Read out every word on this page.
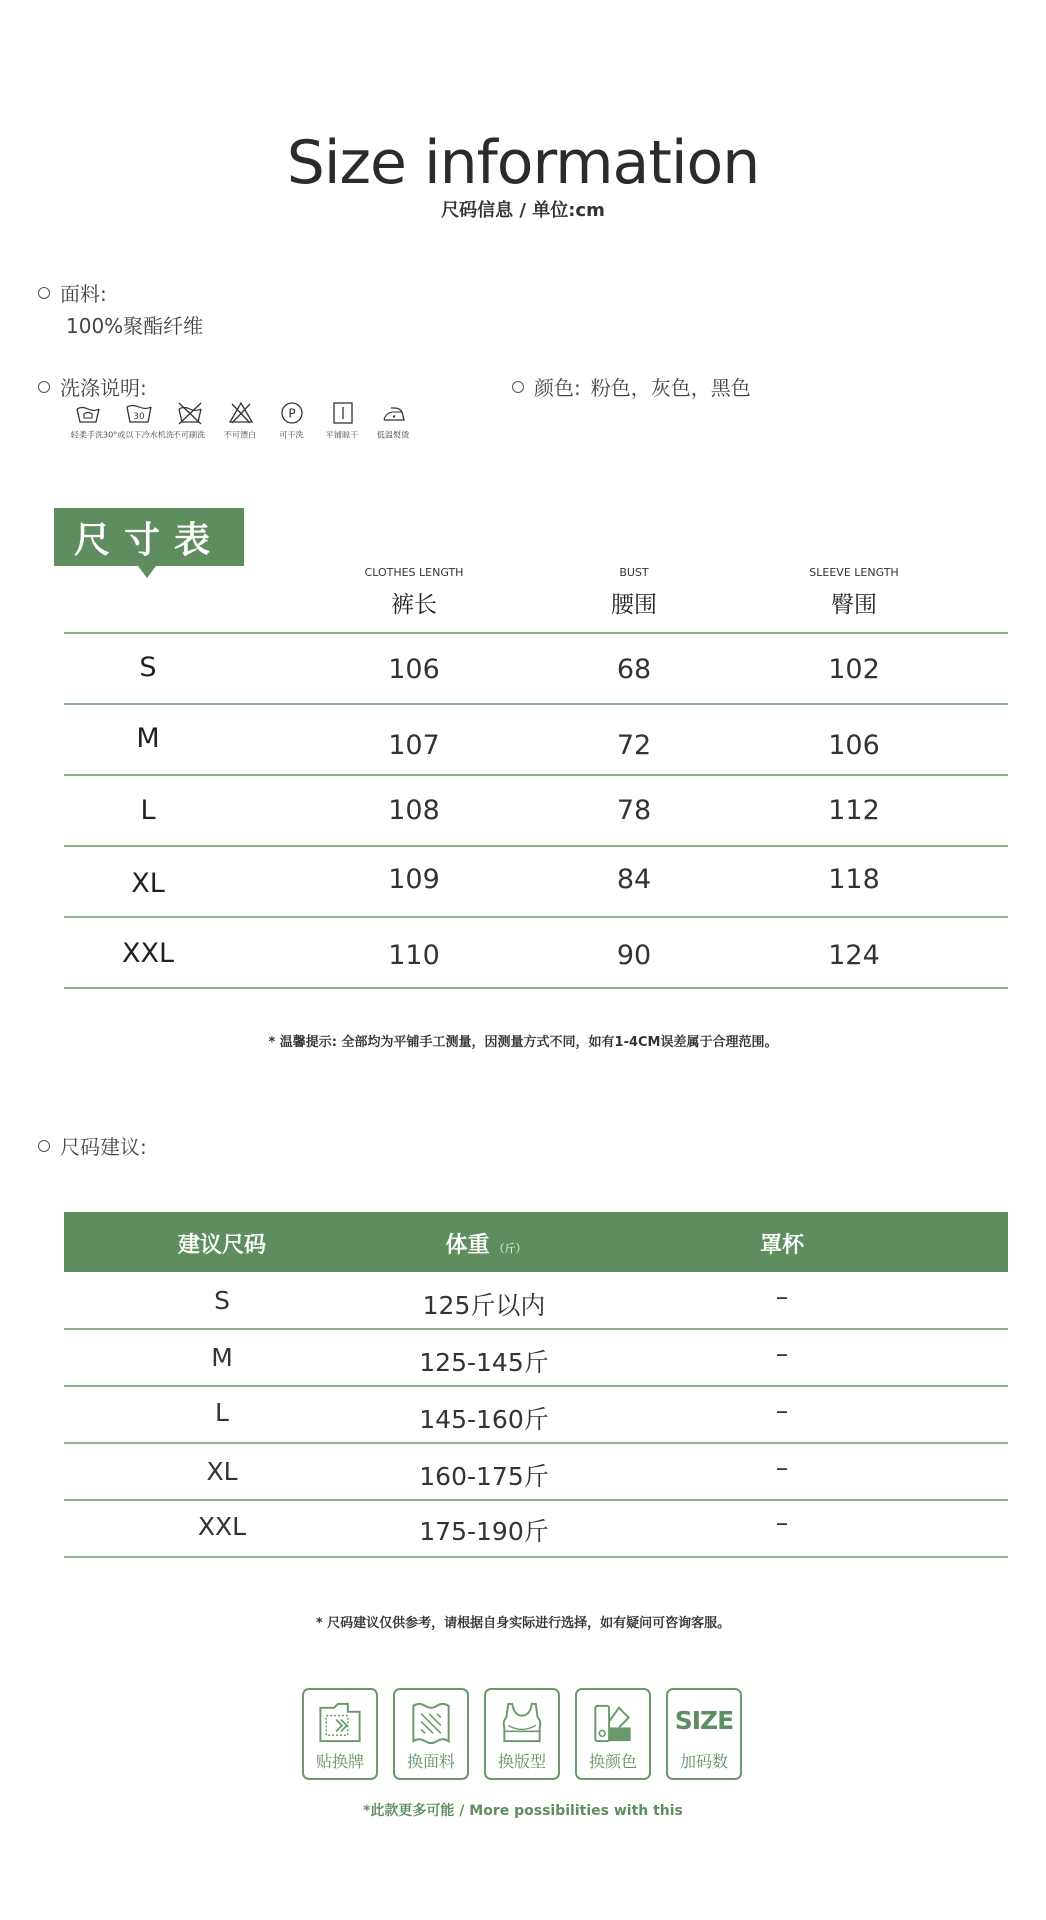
Size information
尺码信息 / 单位:cm
面料:
100%聚酯纤维
洗涤说明:
轻柔手洗
30
30°或以下冷水机洗 不可刷洗 不可漂白
P
可干洗	平铺晾干 低温熨烫
颜色: 粉色，灰色，黑色
尺寸表
CLOTHES LENGTH
裤长
BUST
腰围
SLEEVE LENGTH
臀围
S	106	68	102
M	107	72	106
L	108	78	112
XL	109	84	118
XXL	110	90	124
* 温馨提示: 全部均为平铺手工测量，因测量方式不同，如有1-4CM误差属于合理范围。
尺码建议:
建议尺码	体重 （斤）	罩杯
S	125斤以内	–
M	125-145斤	–
L	145-160斤	–
XL	160-175斤	–
XXL	175-190斤	–
* 尺码建议仅供参考，请根据自身实际进行选择，如有疑问可咨询客服。
贴换牌	换面料	换版型	换颜色
SIZE
加码数
*此款更多可能 / More possibilities with this
